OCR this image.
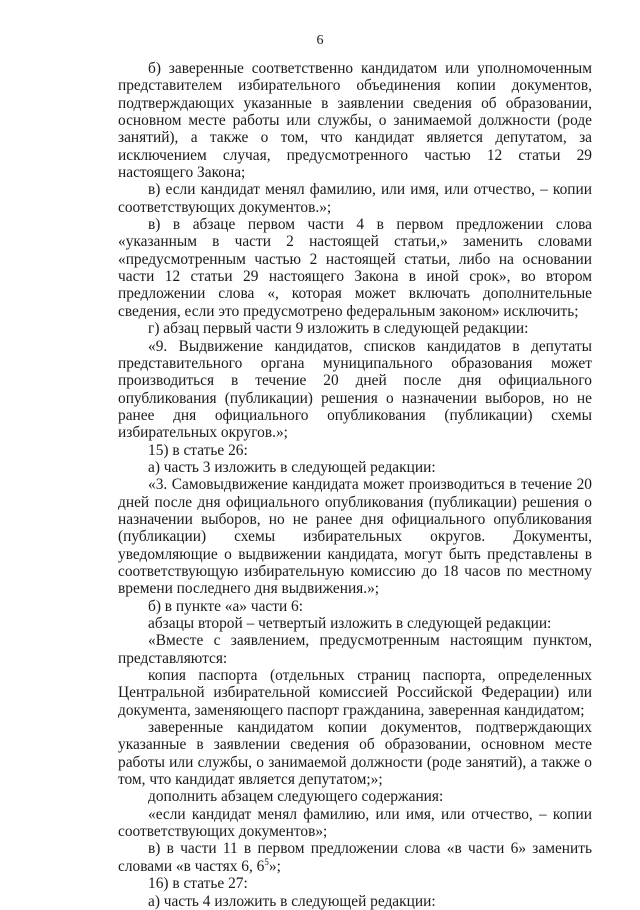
6

б) заверенные соответственно кандидатом или уполномоченным представителем избирательного объединения копии документов, подтверждающих указанные в заявлении сведения об образовании, основном месте работы или службы, о занимаемой должности (роде занятий), а также о том, что кандидат является депутатом, за исключением случая, предусмотренного частью 12 статьи 29 настоящего Закона;

в) если кандидат менял фамилию, или имя, или отчество, – копии соответствующих документов.»;

в) в абзаце первом части 4 в первом предложении слова «указанным в части 2 настоящей статьи,» заменить словами «предусмотренным частью 2 настоящей статьи, либо на основании части 12 статьи 29 настоящего Закона в иной срок», во втором предложении слова «, которая может включать дополнительные сведения, если это предусмотрено федеральным законом» исключить;

г) абзац первый части 9 изложить в следующей редакции:

«9. Выдвижение кандидатов, списков кандидатов в депутаты представительного органа муниципального образования может производиться в течение 20 дней после дня официального опубликования (публикации) решения о назначении выборов, но не ранее дня официального опубликования (публикации) схемы избирательных округов.»;

15) в статье 26:

а) часть 3 изложить в следующей редакции:

«3. Самовыдвижение кандидата может производиться в течение 20 дней после дня официального опубликования (публикации) решения о назначении выборов, но не ранее дня официального опубликования (публикации) схемы избирательных округов. Документы, уведомляющие о выдвижении кандидата, могут быть представлены в соответствующую избирательную комиссию до 18 часов по местному времени последнего дня выдвижения.»;

б) в пункте «а» части 6:

абзацы второй – четвертый изложить в следующей редакции:

«Вместе с заявлением, предусмотренным настоящим пунктом, представляются:

копия паспорта (отдельных страниц паспорта, определенных Центральной избирательной комиссией Российской Федерации) или документа, заменяющего паспорт гражданина, заверенная кандидатом;

заверенные кандидатом копии документов, подтверждающих указанные в заявлении сведения об образовании, основном месте работы или службы, о занимаемой должности (роде занятий), а также о том, что кандидат является депутатом;»;

дополнить абзацем следующего содержания:

«если кандидат менял фамилию, или имя, или отчество, – копии соответствующих документов»;

в) в части 11 в первом предложении слова «в части 6» заменить словами «в частях 6, $6^5$»;

16) в статье 27:

а) часть 4 изложить в следующей редакции:
